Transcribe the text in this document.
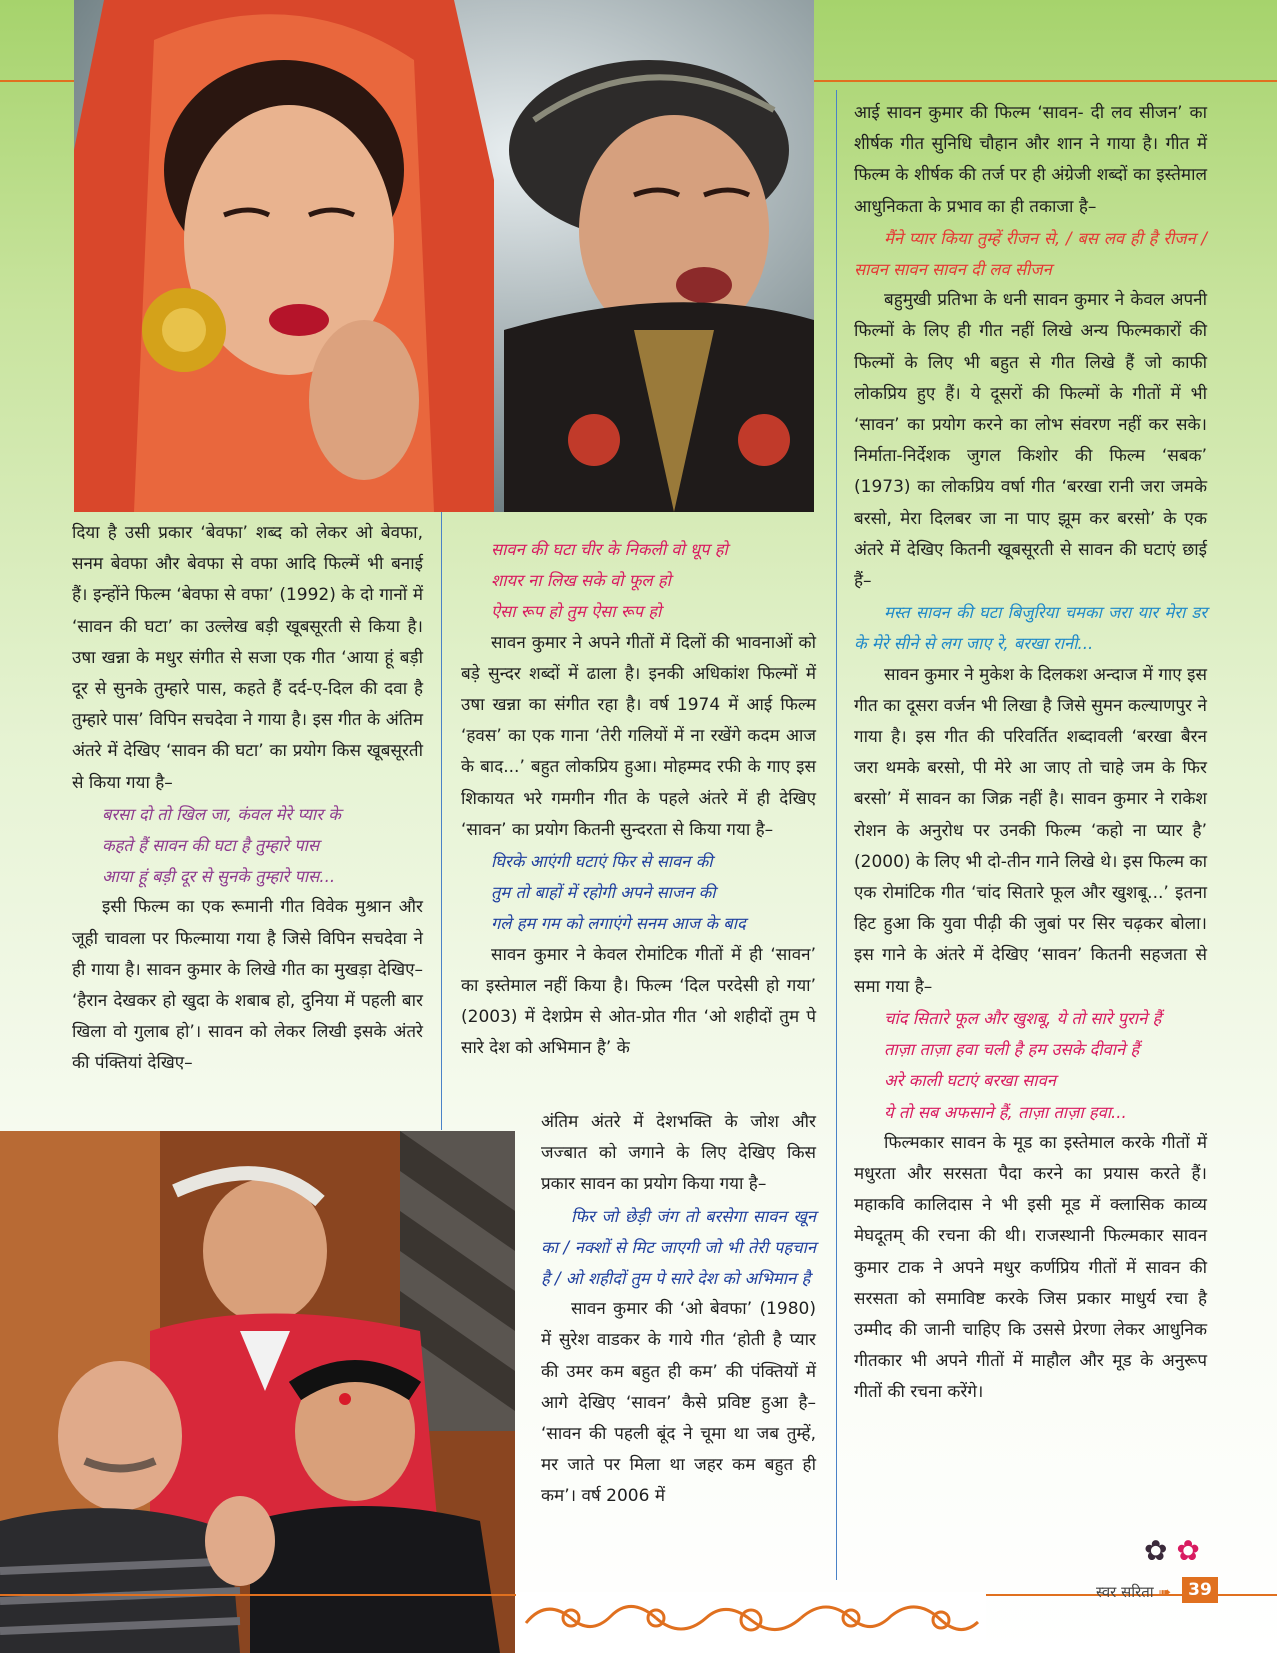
दिया है उसी प्रकार ‘बेवफा’ शब्द को लेकर ओ बेवफा, सनम बेवफा और बेवफा से वफा आदि फिल्में भी बनाई हैं। इन्होंने फिल्म ‘बेवफा से वफा’ (1992) के दो गानों में ‘सावन की घटा’ का उल्लेख बड़ी खूबसूरती से किया है। उषा खन्ना के मधुर संगीत से सजा एक गीत ‘आया हूं बड़ी दूर से सुनके तुम्हारे पास, कहते हैं दर्द-ए-दिल की दवा है तुम्हारे पास’ विपिन सचदेवा ने गाया है। इस गीत के अंतिम अंतरे में देखिए ‘सावन की घटा’ का प्रयोग किस खूबसूरती से किया गया है–

बरसा दो तो खिल जा, कंवल मेरे प्यार के
कहते हैं सावन की घटा है तुम्हारे पास
आया हूं बड़ी दूर से सुनके तुम्हारे पास...

इसी फिल्म का एक रूमानी गीत विवेक मुश्रान और जूही चावला पर फिल्माया गया है जिसे विपिन सचदेवा ने ही गाया है। सावन कुमार के लिखे गीत का मुखड़ा देखिए– ‘हैरान देखकर हो खुदा के शबाब हो, दुनिया में पहली बार खिला वो गुलाब हो’। सावन को लेकर लिखी इसके अंतरे की पंक्तियां देखिए–

सावन की घटा चीर के निकली वो धूप हो
शायर ना लिख सके वो फूल हो
ऐसा रूप हो तुम ऐसा रूप हो

सावन कुमार ने अपने गीतों में दिलों की भावनाओं को बड़े सुन्दर शब्दों में ढाला है। इनकी अधिकांश फिल्मों में उषा खन्ना का संगीत रहा है। वर्ष 1974 में आई फिल्म ‘हवस’ का एक गाना ‘तेरी गलियों में ना रखेंगे कदम आज के बाद...’ बहुत लोकप्रिय हुआ। मोहम्मद रफी के गाए इस शिकायत भरे गमगीन गीत के पहले अंतरे में ही देखिए ‘सावन’ का प्रयोग कितनी सुन्दरता से किया गया है–

घिरके आएंगी घटाएं फिर से सावन की
तुम तो बाहों में रहोगी अपने साजन की
गले हम गम को लगाएंगे सनम आज के बाद

सावन कुमार ने केवल रोमांटिक गीतों में ही ‘सावन’ का इस्तेमाल नहीं किया है। फिल्म ‘दिल परदेसी हो गया’ (2003) में देशप्रेम से ओत-प्रोत गीत ‘ओ शहीदों तुम पे सारे देश को अभिमान है’ के

अंतिम अंतरे में देशभक्ति के जोश और जज्बात को जगाने के लिए देखिए किस प्रकार सावन का प्रयोग किया गया है–

फिर जो छेड़ी जंग तो बरसेगा सावन खून का / नक्शों से मिट जाएगी जो भी तेरी पहचान है / ओ शहीदों तुम पे सारे देश को अभिमान है

सावन कुमार की ‘ओ बेवफा’ (1980) में सुरेश वाडकर के गाये गीत ‘होती है प्यार की उमर कम बहुत ही कम’ की पंक्तियों में आगे देखिए ‘सावन’ कैसे प्रविष्ट हुआ है– ‘सावन की पहली बूंद ने चूमा था जब तुम्हें, मर जाते पर मिला था जहर कम बहुत ही कम’। वर्ष 2006 में

आई सावन कुमार की फिल्म ‘सावन- दी लव सीजन’ का शीर्षक गीत सुनिधि चौहान और शान ने गाया है। गीत में फिल्म के शीर्षक की तर्ज पर ही अंग्रेजी शब्दों का इस्तेमाल आधुनिकता के प्रभाव का ही तकाजा है–

मैंने प्यार किया तुम्हें रीजन से, / बस लव ही है रीजन / सावन सावन सावन दी लव सीजन

बहुमुखी प्रतिभा के धनी सावन कुमार ने केवल अपनी फिल्मों के लिए ही गीत नहीं लिखे अन्य फिल्मकारों की फिल्मों के लिए भी बहुत से गीत लिखे हैं जो काफी लोकप्रिय हुए हैं। ये दूसरों की फिल्मों के गीतों में भी ‘सावन’ का प्रयोग करने का लोभ संवरण नहीं कर सके। निर्माता-निर्देशक जुगल किशोर की फिल्म ‘सबक’ (1973) का लोकप्रिय वर्षा गीत ‘बरखा रानी जरा जमके बरसो, मेरा दिलबर जा ना पाए झूम कर बरसो’ के एक अंतरे में देखिए कितनी खूबसूरती से सावन की घटाएं छाई हैं–

मस्त सावन की घटा बिजुरिया चमका जरा यार मेरा डर के मेरे सीने से लग जाए रे, बरखा रानी...

सावन कुमार ने मुकेश के दिलकश अन्दाज में गाए इस गीत का दूसरा वर्जन भी लिखा है जिसे सुमन कल्याणपुर ने गाया है। इस गीत की परिवर्तित शब्दावली ‘बरखा बैरन जरा थमके बरसो, पी मेरे आ जाए तो चाहे जम के फिर बरसो’ में सावन का जिक्र नहीं है। सावन कुमार ने राकेश रोशन के अनुरोध पर उनकी फिल्म ‘कहो ना प्यार है’ (2000) के लिए भी दो-तीन गाने लिखे थे। इस फिल्म का एक रोमांटिक गीत ‘चांद सितारे फूल और खुशबू...’ इतना हिट हुआ कि युवा पीढ़ी की जुबां पर सिर चढ़कर बोला। इस गाने के अंतरे में देखिए ‘सावन’ कितनी सहजता से समा गया है–

चांद सितारे फूल और खुशबू, ये तो सारे पुराने हैं
ताज़ा ताज़ा हवा चली है हम उसके दीवाने हैं
अरे काली घटाएं बरखा सावन
ये तो सब अफसाने हैं, ताज़ा ताज़ा हवा...

फिल्मकार सावन के मूड का इस्तेमाल करके गीतों में मधुरता और सरसता पैदा करने का प्रयास करते हैं। महाकवि कालिदास ने भी इसी मूड में क्लासिक काव्य मेघदूतम् की रचना की थी। राजस्थानी फिल्मकार सावन कुमार टाक ने अपने मधुर कर्णप्रिय गीतों में सावन की सरसता को समाविष्ट करके जिस प्रकार माधुर्य रचा है उम्मीद की जानी चाहिए कि उससे प्रेरणा लेकर आधुनिक गीतकार भी अपने गीतों में माहौल और मूड के अनुरूप गीतों की रचना करेंगे।

✿ ✿
स्वर सरिता ➠	39
